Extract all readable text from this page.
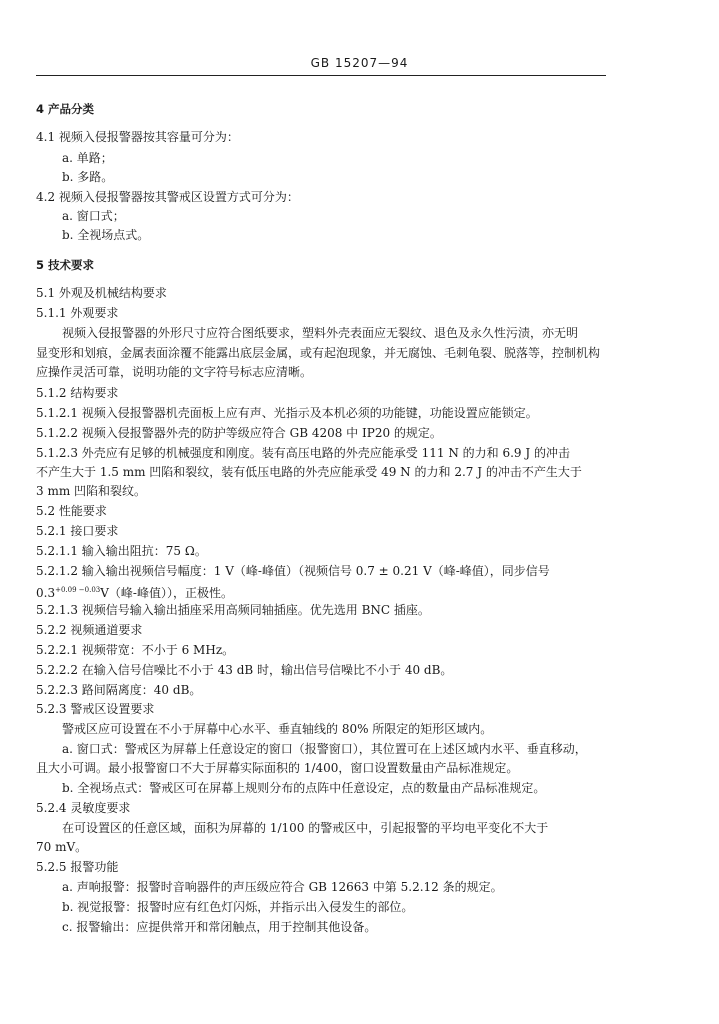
GB 15207—94
4 产品分类
4.1 视频入侵报警器按其容量可分为：
a. 单路；
b. 多路。
4.2 视频入侵报警器按其警戒区设置方式可分为：
a. 窗口式；
b. 全视场点式。
5 技术要求
5.1 外观及机械结构要求
5.1.1 外观要求
视频入侵报警器的外形尺寸应符合图纸要求，塑料外壳表面应无裂纹、退色及永久性污渍，亦无明
显变形和划痕，金属表面涂覆不能露出底层金属，或有起泡现象，并无腐蚀、毛刺龟裂、脱落等，控制机构
应操作灵活可靠，说明功能的文字符号标志应清晰。
5.1.2 结构要求
5.1.2.1 视频入侵报警器机壳面板上应有声、光指示及本机必须的功能键，功能设置应能锁定。
5.1.2.2 视频入侵报警器外壳的防护等级应符合 GB 4208 中 IP20 的规定。
5.1.2.3 外壳应有足够的机械强度和刚度。装有高压电路的外壳应能承受 111 N 的力和 6.9 J 的冲击
不产生大于 1.5 mm 凹陷和裂纹，装有低压电路的外壳应能承受 49 N 的力和 2.7 J 的冲击不产生大于
3 mm 凹陷和裂纹。
5.2 性能要求
5.2.1 接口要求
5.2.1.1 输入输出阻抗：75 Ω。
5.2.1.2 输入输出视频信号幅度：1 V（峰-峰值）（视频信号 0.7 ± 0.21 V（峰-峰值），同步信号
$0.3^{+0.09 -0.03}V$（峰-峰值）），正极性。
5.2.1.3 视频信号输入输出插座采用高频同轴插座。优先选用 BNC 插座。
5.2.2 视频通道要求
5.2.2.1 视频带宽：不小于 6 MHz。
5.2.2.2 在输入信号信噪比不小于 43 dB 时，输出信号信噪比不小于 40 dB。
5.2.2.3 路间隔离度：40 dB。
5.2.3 警戒区设置要求
警戒区应可设置在不小于屏幕中心水平、垂直轴线的 80% 所限定的矩形区域内。
a. 窗口式：警戒区为屏幕上任意设定的窗口（报警窗口），其位置可在上述区域内水平、垂直移动，
且大小可调。最小报警窗口不大于屏幕实际面积的 1/400，窗口设置数量由产品标准规定。
b. 全视场点式：警戒区可在屏幕上规则分布的点阵中任意设定，点的数量由产品标准规定。
5.2.4 灵敏度要求
在可设置区的任意区域，面积为屏幕的 1/100 的警戒区中，引起报警的平均电平变化不大于
70 mV。
5.2.5 报警功能
a. 声响报警：报警时音响器件的声压级应符合 GB 12663 中第 5.2.12 条的规定。
b. 视觉报警：报警时应有红色灯闪烁，并指示出入侵发生的部位。
c. 报警输出：应提供常开和常闭触点，用于控制其他设备。
